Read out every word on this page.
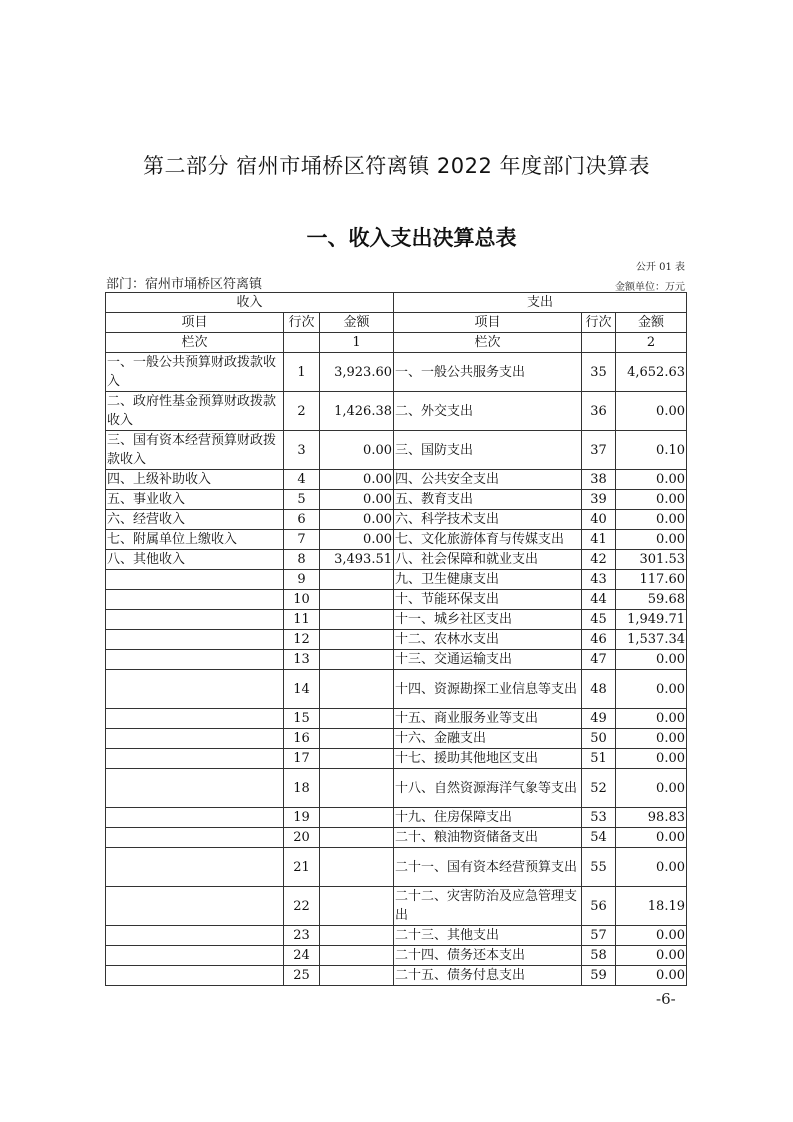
第二部分 宿州市埇桥区符离镇 2022 年度部门决算表
一、收入支出决算总表
公开 01 表
部门：宿州市埇桥区符离镇	金额单位：万元
收入			支出		
项目	行次	金额	项目	行次	金额
栏次		1	栏次		2
一、一般公共预算财政拨款收入	1	3,923.60	一、一般公共服务支出	35	4,652.63
二、政府性基金预算财政拨款收入	2	1,426.38	二、外交支出	36	0.00
三、国有资本经营预算财政拨款收入	3	0.00	三、国防支出	37	0.10
四、上级补助收入	4	0.00	四、公共安全支出	38	0.00
五、事业收入	5	0.00	五、教育支出	39	0.00
六、经营收入	6	0.00	六、科学技术支出	40	0.00
七、附属单位上缴收入	7	0.00	七、文化旅游体育与传媒支出	41	0.00
八、其他收入	8	3,493.51	八、社会保障和就业支出	42	301.53
	9		九、卫生健康支出	43	117.60
	10		十、节能环保支出	44	59.68
	11		十一、城乡社区支出	45	1,949.71
	12		十二、农林水支出	46	1,537.34
	13		十三、交通运输支出	47	0.00
	14		十四、资源勘探工业信息等支出	48	0.00
	15		十五、商业服务业等支出	49	0.00
	16		十六、金融支出	50	0.00
	17		十七、援助其他地区支出	51	0.00
	18		十八、自然资源海洋气象等支出	52	0.00
	19		十九、住房保障支出	53	98.83
	20		二十、粮油物资储备支出	54	0.00
	21		二十一、国有资本经营预算支出	55	0.00
	22		二十二、灾害防治及应急管理支出	56	18.19
	23		二十三、其他支出	57	0.00
	24		二十四、债务还本支出	58	0.00
	25		二十五、债务付息支出	59	0.00
-6-
